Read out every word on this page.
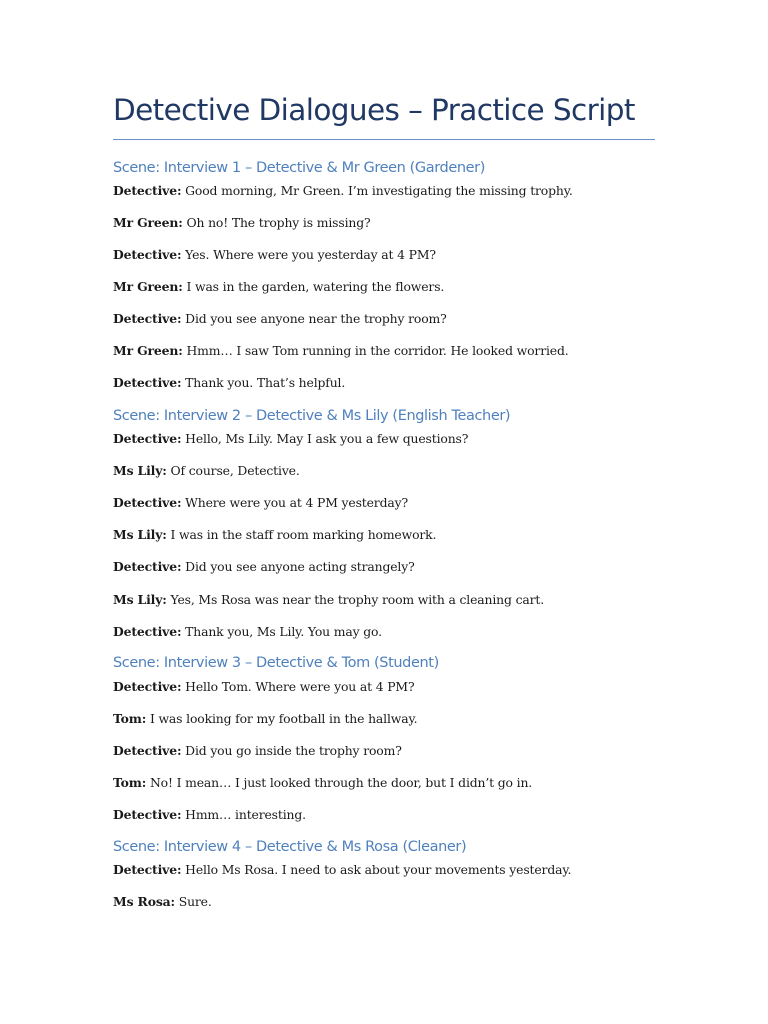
Detective Dialogues – Practice Script
Scene: Interview 1 – Detective & Mr Green (Gardener)

Detective: Good morning, Mr Green. I’m investigating the missing trophy.

Mr Green: Oh no! The trophy is missing?

Detective: Yes. Where were you yesterday at 4 PM?

Mr Green: I was in the garden, watering the flowers.

Detective: Did you see anyone near the trophy room?

Mr Green: Hmm… I saw Tom running in the corridor. He looked worried.

Detective: Thank you. That’s helpful.

Scene: Interview 2 – Detective & Ms Lily (English Teacher)

Detective: Hello, Ms Lily. May I ask you a few questions?

Ms Lily: Of course, Detective.

Detective: Where were you at 4 PM yesterday?

Ms Lily: I was in the staff room marking homework.

Detective: Did you see anyone acting strangely?

Ms Lily: Yes, Ms Rosa was near the trophy room with a cleaning cart.

Detective: Thank you, Ms Lily. You may go.

Scene: Interview 3 – Detective & Tom (Student)

Detective: Hello Tom. Where were you at 4 PM?

Tom: I was looking for my football in the hallway.

Detective: Did you go inside the trophy room?

Tom: No! I mean… I just looked through the door, but I didn’t go in.

Detective: Hmm… interesting.

Scene: Interview 4 – Detective & Ms Rosa (Cleaner)

Detective: Hello Ms Rosa. I need to ask about your movements yesterday.

Ms Rosa: Sure.
